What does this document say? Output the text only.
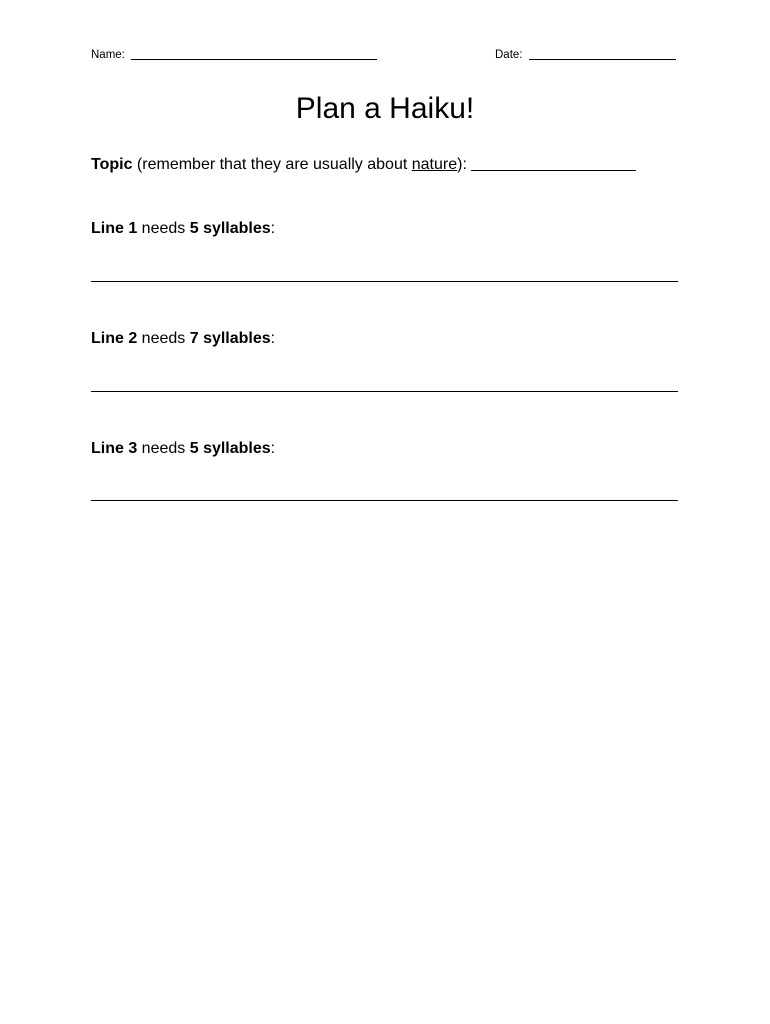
Name:	Date:
Plan a Haiku!
Topic (remember that they are usually about nature):
Line 1 needs 5 syllables:
Line 2 needs 7 syllables:
Line 3 needs 5 syllables:
